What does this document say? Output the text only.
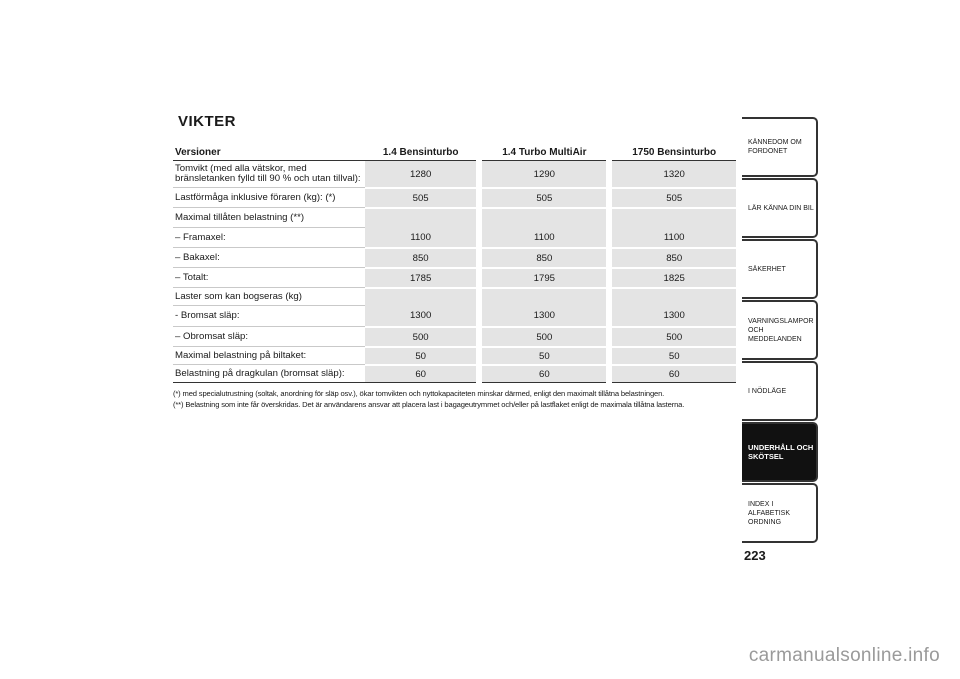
VIKTER
Versioner	1.4 Bensinturbo		1.4 Turbo MultiAir		1750 Bensinturbo
Tomvikt (med alla vätskor, med bränsletanken fylld till 90 % och utan tillval):	1280		1290		1320
Lastförmåga inklusive föraren (kg): (*)	505		505		505
Maximal tillåten belastning (**)					
– Framaxel:	1100		1100		1100
– Bakaxel:	850		850		850
– Totalt:	1785		1795		1825
Laster som kan bogseras (kg)					
- Bromsat släp:	1300		1300		1300
– Obromsat släp:	500		500		500
Maximal belastning på biltaket:	50		50		50
Belastning på dragkulan (bromsat släp):	60		60		60
(*) med specialutrustning (soltak, anordning för släp osv.), ökar tomvikten och nyttokapaciteten minskar därmed, enligt den maximalt tillåtna belastningen.
(**) Belastning som inte får överskridas. Det är användarens ansvar att placera last i bagageutrymmet och/eller på lastflaket enligt de maximala tillåtna lasterna.
KÄNNEDOM OM FORDONET
LÄR KÄNNA DIN BIL
SÄKERHET
VARNINGSLAMPOR OCH MEDDELANDEN
I NÖDLÄGE
UNDERHÅLL OCH SKÖTSEL
INDEX I ALFABETISK ORDNING
223
carmanualsonline.info
